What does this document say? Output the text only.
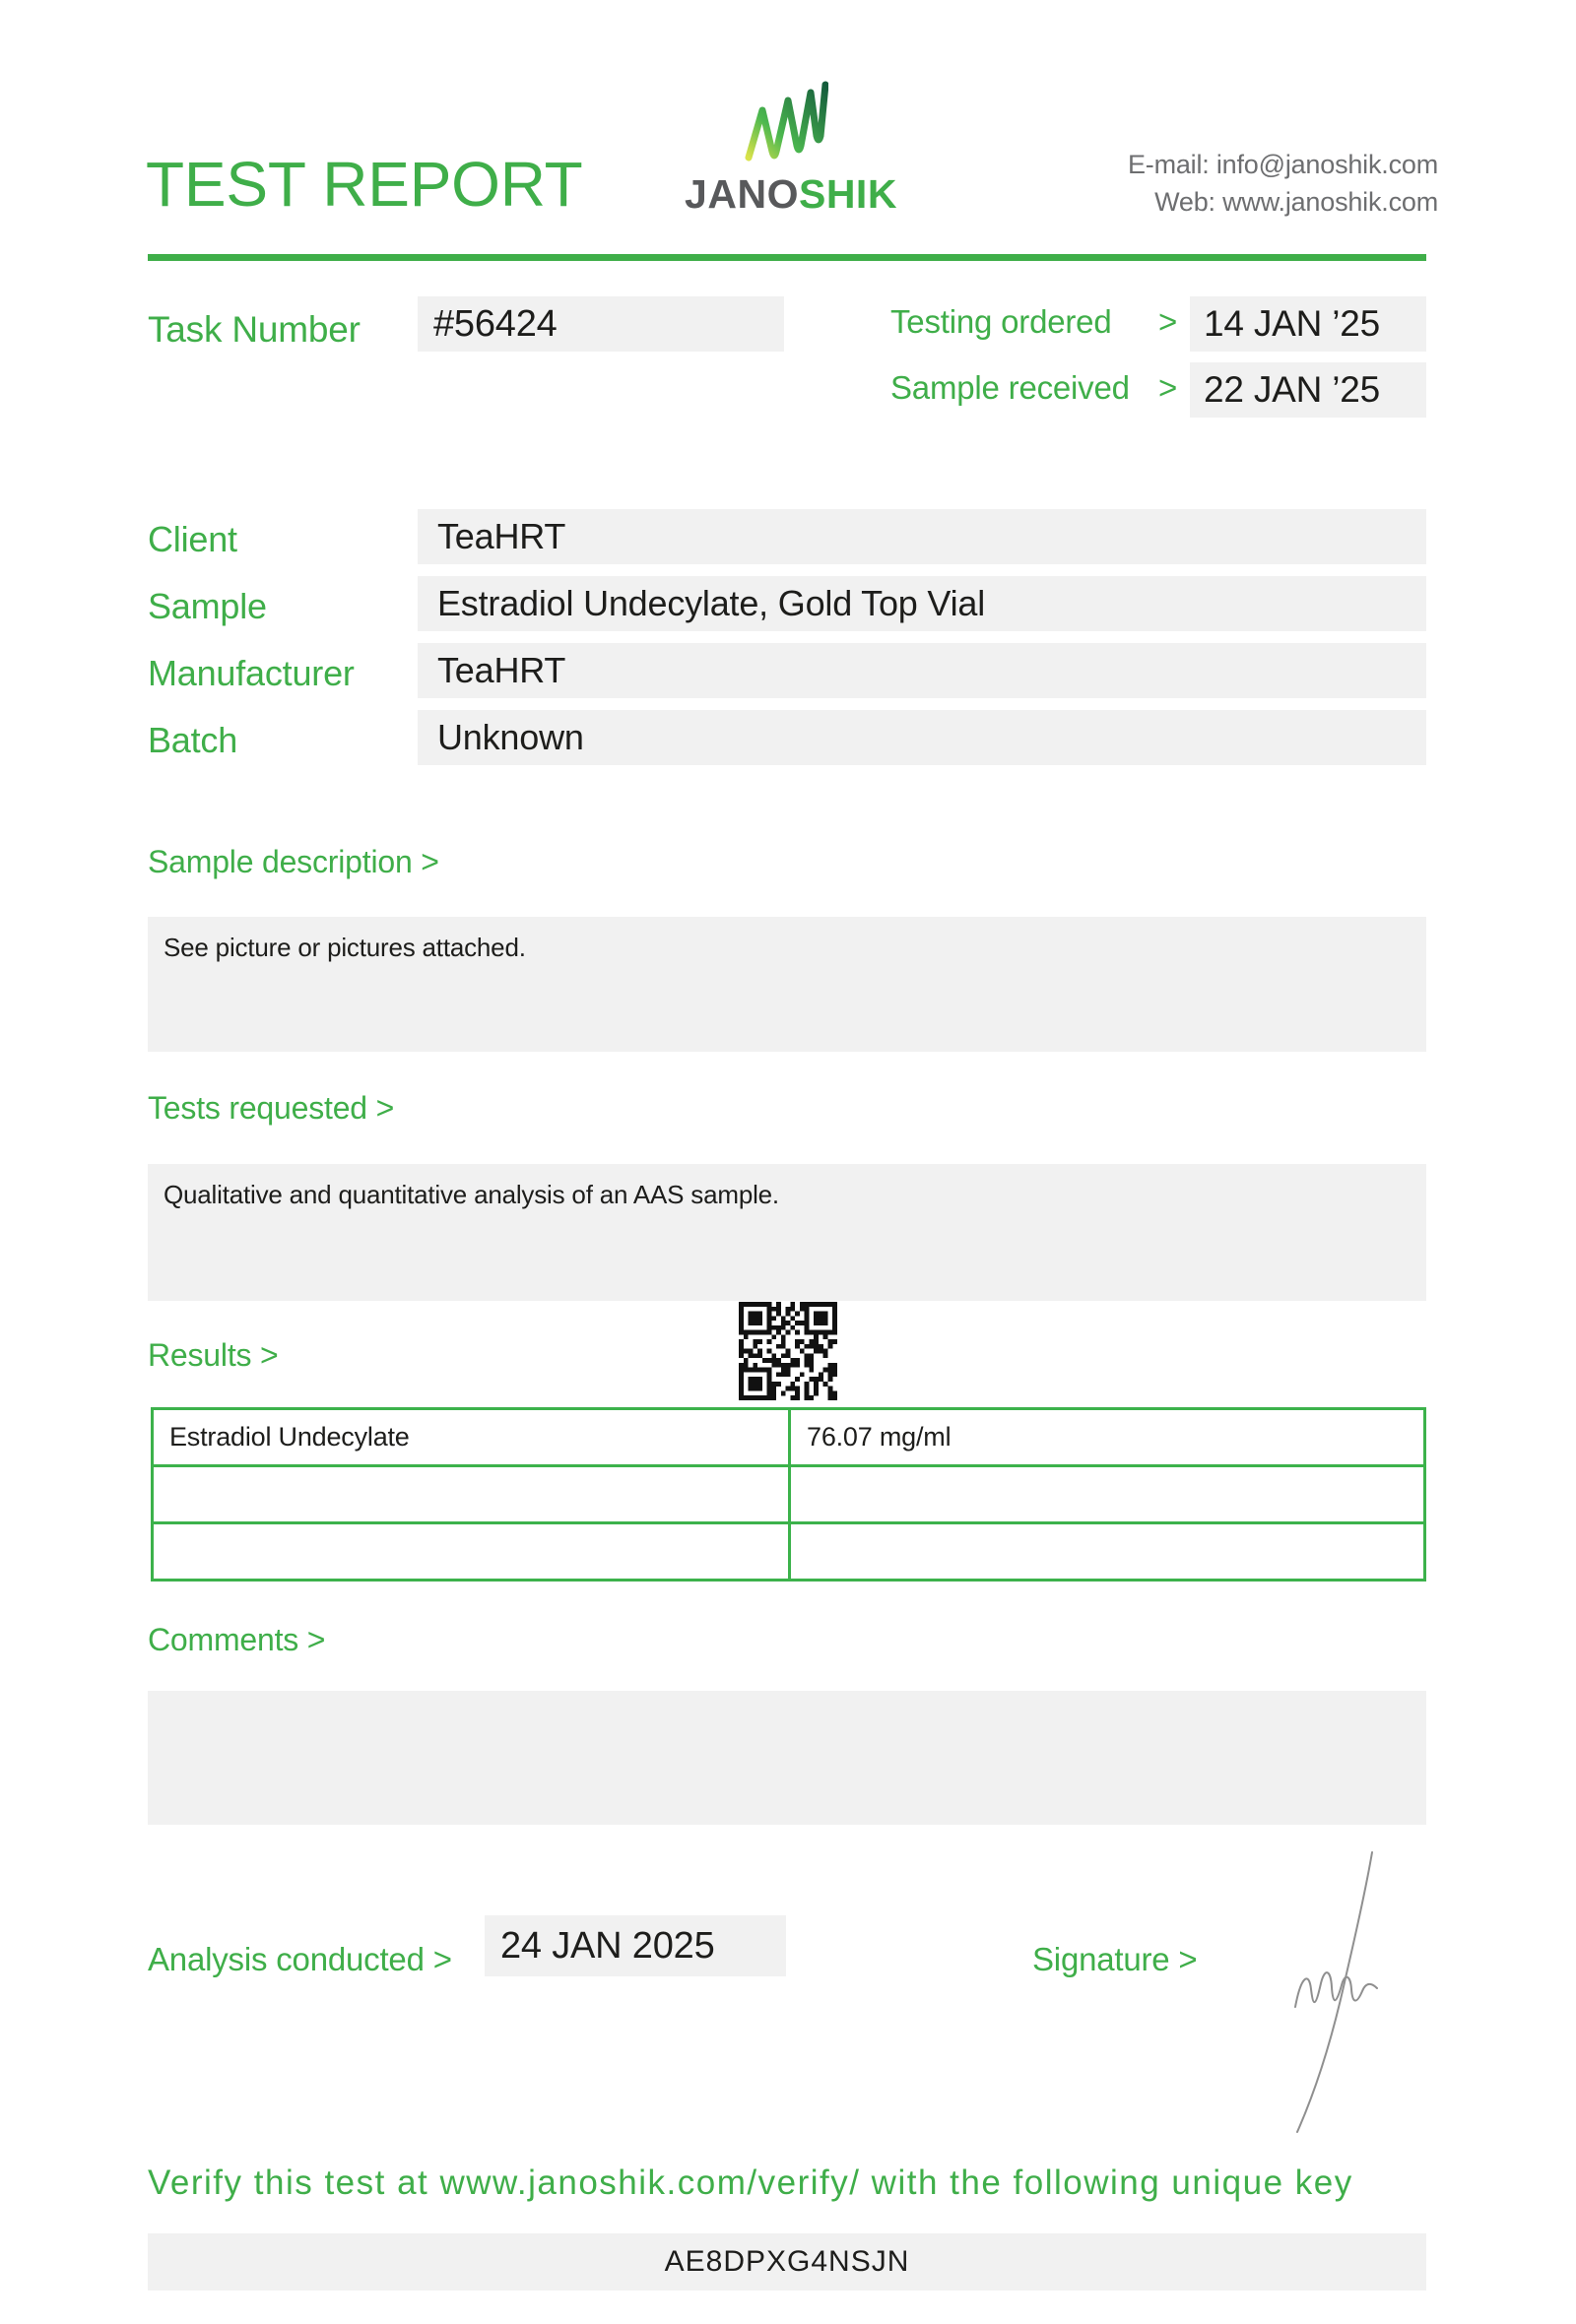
TEST REPORT	JANOSHIK
E-mail: info@janoshik.com
Web: www.janoshik.com
Task Number	#56424	Testing ordered > 14 JAN ’25
Sample received > 22 JAN ’25
Client	TeaHRT
Sample	Estradiol Undecylate, Gold Top Vial
Manufacturer	TeaHRT
Batch	Unknown
Sample description >
See picture or pictures attached.
Tests requested >
Qualitative and quantitative analysis of an AAS sample.
Results >
Estradiol Undecylate	76.07 mg/ml

Comments >
Analysis conducted >	24 JAN 2025	Signature >
Verify this test at www.janoshik.com/verify/ with the following unique key
AE8DPXG4NSJN
